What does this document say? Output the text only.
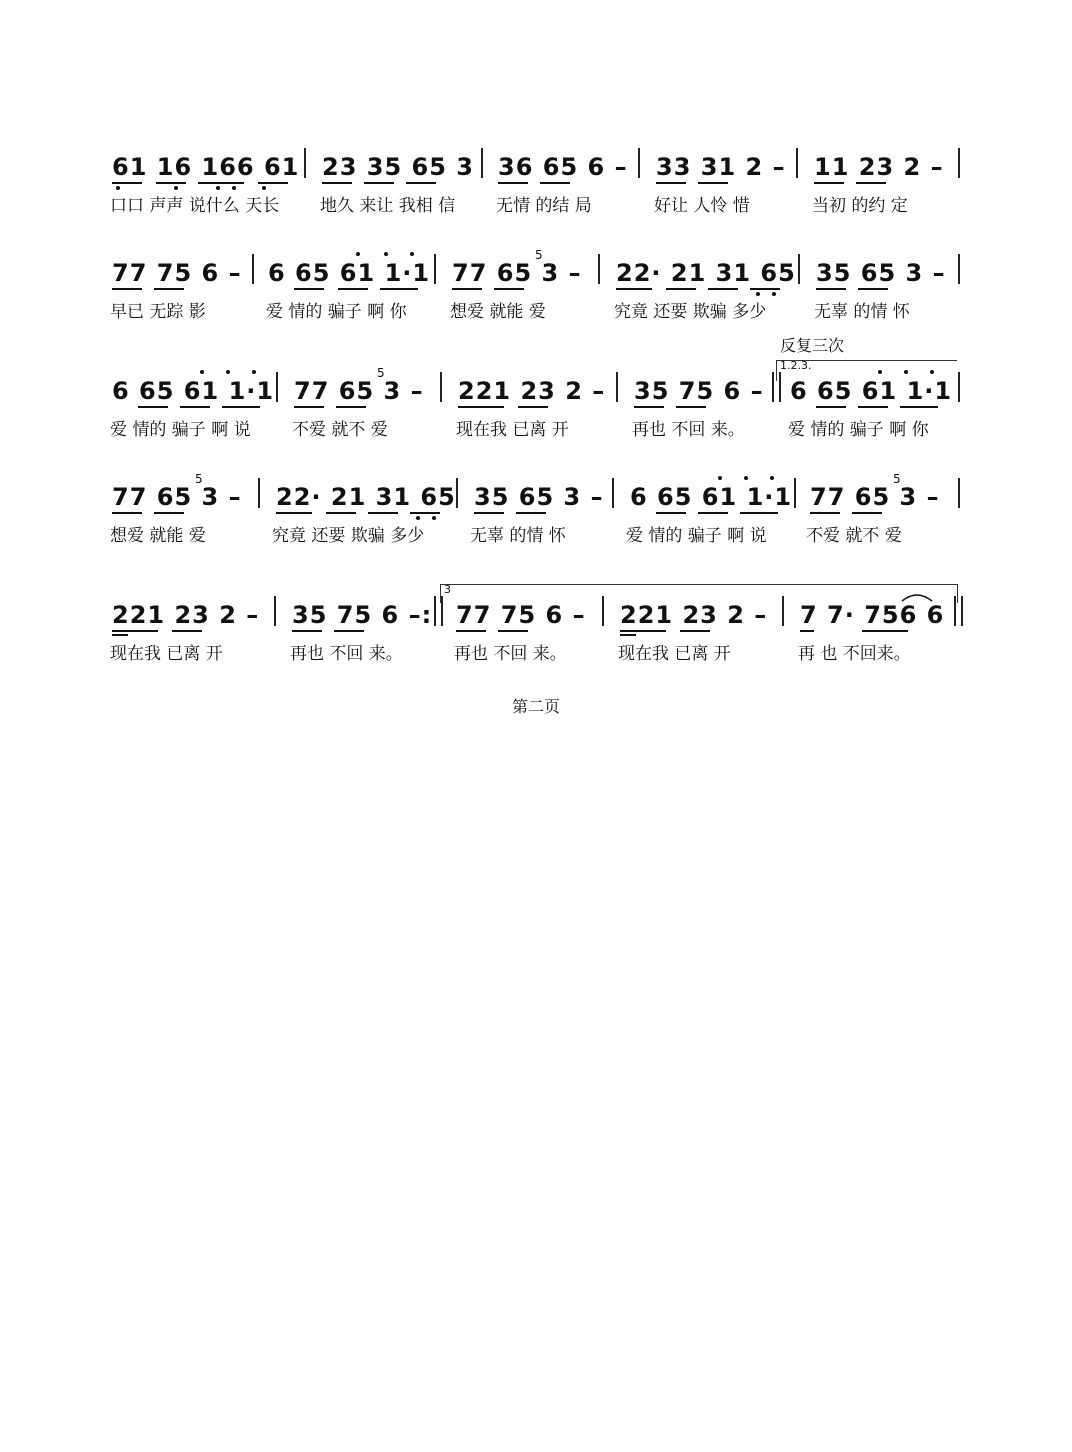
61 16 166 61 23 35 65 3 36 65 6 – 33 31 2 – 11 23 2 –
口口 声声 说什么 天长 地久 来让 我相 信 无情 的结 局	好让 人怜 惜	当初 的约 定
77 75 6 – 6 65 61 1·1 77 65 3 –
5
22· 21 31 65 35 65 3 –
早已 无踪 影	爱 情的 骗子 啊 你	想爱 就能 爱	究竟 还要 欺骗 多少	无辜 的情 怀
反复三次
1.2.3.
6 65 61 1·1 77 65 3 –
5
221 23 2 – 35 75 6 – 6 65 61 1·1
爱 情的 骗子 啊 说 不爱 就不 爱	现在我 已离 开	再也 不回 来。	爱 情的 骗子 啊 你
77 65 3 –
5
22· 21 31 65 35 65 3 – 6 65 61 1·1 77 65 3 –
5
想爱 就能 爱	究竟 还要 欺骗 多少	无辜 的情 怀	爱 情的 骗子 啊 说 不爱 就不 爱
3
221 23 2 – 35 75 6 –: 77 75 6 – 221 23 2 – 7 7· 756 6
现在我 已离 开	再也 不回 来。	再也 不回 来。	现在我 已离 开	再 也 不回来。
第二页
